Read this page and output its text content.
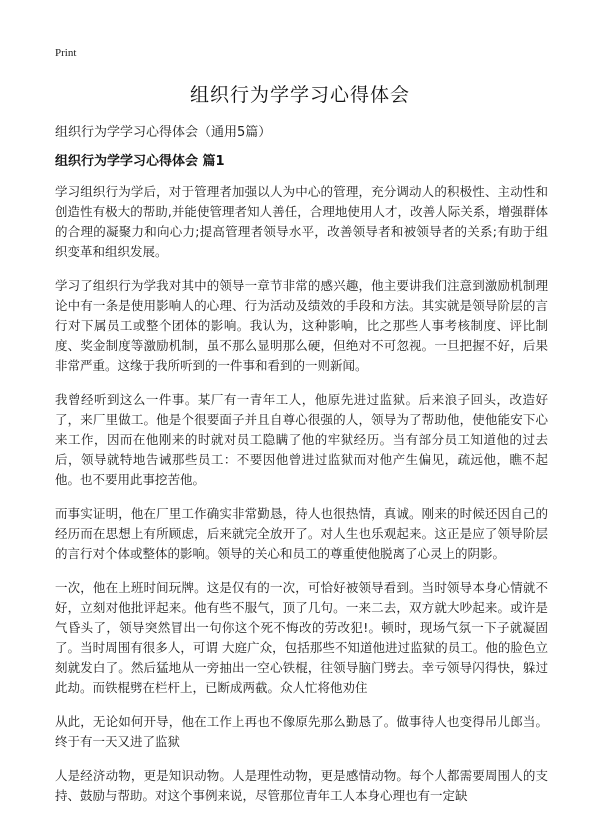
Print
组织行为学学习心得体会

组织行为学学习心得体会（通用5篇）

组织行为学学习心得体会 篇1

学习组织行为学后，对于管理者加强以人为中心的管理，充分调动人的积极性、主动性和创造性有极大的帮助,并能使管理者知人善任，合理地使用人才，改善人际关系，增强群体的合理的凝聚力和向心力;提高管理者领导水平，改善领导者和被领导者的关系;有助于组织变革和组织发展。

学习了组织行为学我对其中的领导一章节非常的感兴趣，他主要讲我们注意到激励机制理论中有一条是使用影响人的心理、行为活动及绩效的手段和方法。其实就是领导阶层的言行对下属员工或整个团体的影响。我认为，这种影响，比之那些人事考核制度、评比制度、奖金制度等激励机制，虽不那么显明那么硬，但绝对不可忽视。一旦把握不好，后果非常严重。这缘于我所听到的一件事和看到的一则新闻。

我曾经听到这么一件事。某厂有一青年工人，他原先进过监狱。后来浪子回头，改造好了，来厂里做工。他是个很要面子并且自尊心很强的人，领导为了帮助他，使他能安下心来工作，因而在他刚来的时就对员工隐瞒了他的牢狱经历。当有部分员工知道他的过去后，领导就特地告诫那些员工：不要因他曾进过监狱而对他产生偏见，疏远他，瞧不起他。也不要用此事挖苦他。

而事实证明，他在厂里工作确实非常勤恳，待人也很热情，真诚。刚来的时候还因自己的经历而在思想上有所顾虑，后来就完全放开了。对人生也乐观起来。这正是应了领导阶层的言行对个体或整体的影响。领导的关心和员工的尊重使他脱离了心灵上的阴影。

一次，他在上班时间玩牌。这是仅有的一次，可恰好被领导看到。当时领导本身心情就不好，立刻对他批评起来。他有些不服气，顶了几句。一来二去，双方就大吵起来。或许是气昏头了，领导突然冒出一句你这个死不悔改的劳改犯!。顿时，现场气氛一下子就凝固了。当时周围有很多人，可谓 大庭广众，包括那些不知道他进过监狱的员工。他的脸色立刻就发白了。然后猛地从一旁抽出一空心铁棍，往领导脑门劈去。幸亏领导闪得快，躲过此劫。而铁棍劈在栏杆上，已断成两截。众人忙将他劝住

从此，无论如何开导，他在工作上再也不像原先那么勤恳了。做事待人也变得吊儿郎当。终于有一天又进了监狱

人是经济动物，更是知识动物。人是理性动物，更是感情动物。每个人都需要周围人的支持、鼓励与帮助。对这个事例来说，尽管那位青年工人本身心理也有一定缺
